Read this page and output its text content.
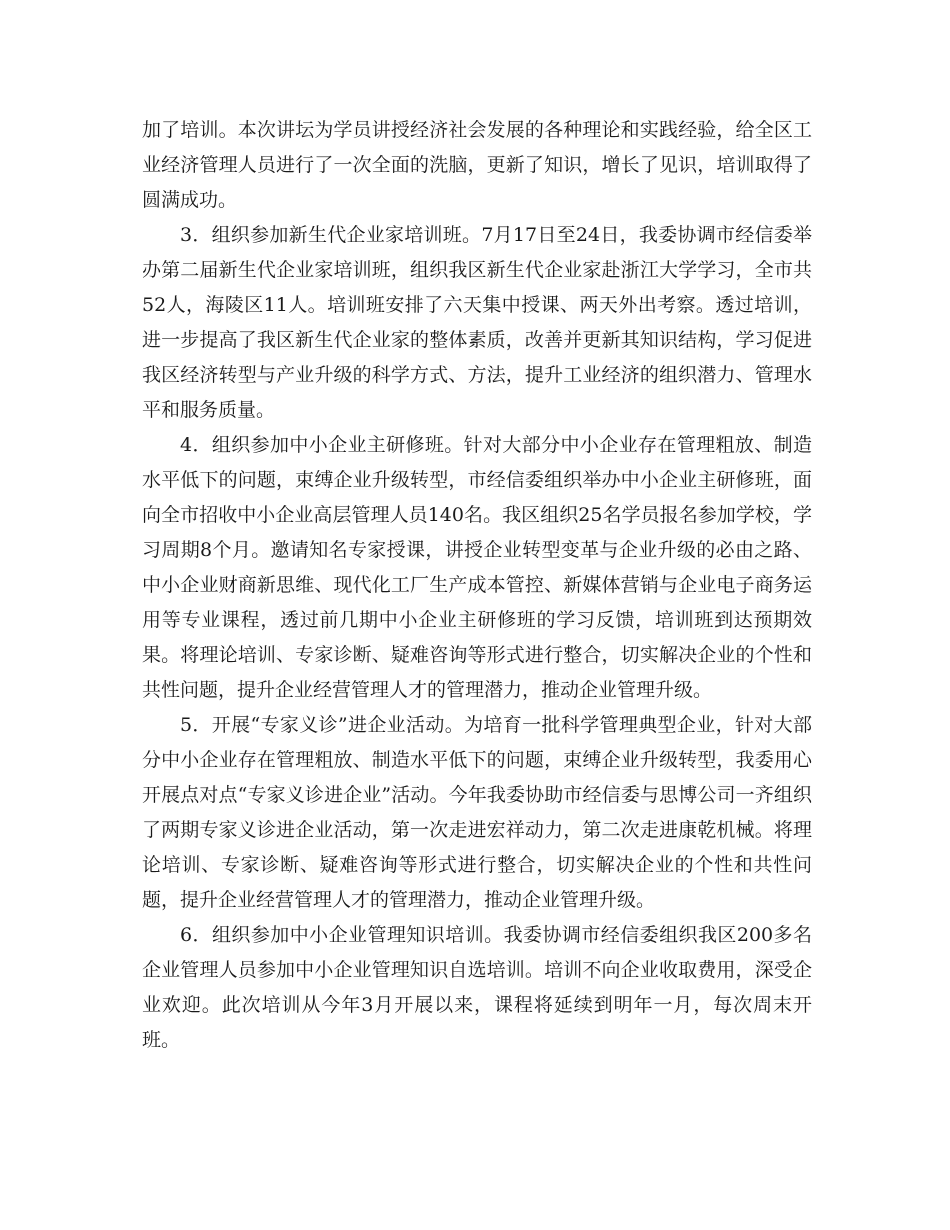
加了培训。本次讲坛为学员讲授经济社会发展的各种理论和实践经验，给全区工业经济管理人员进行了一次全面的洗脑，更新了知识，增长了见识，培训取得了圆满成功。

3．组织参加新生代企业家培训班。7月17日至24日，我委协调市经信委举办第二届新生代企业家培训班，组织我区新生代企业家赴浙江大学学习，全市共52人，海陵区11人。培训班安排了六天集中授课、两天外出考察。透过培训，进一步提高了我区新生代企业家的整体素质，改善并更新其知识结构，学习促进我区经济转型与产业升级的科学方式、方法，提升工业经济的组织潜力、管理水平和服务质量。

4．组织参加中小企业主研修班。针对大部分中小企业存在管理粗放、制造水平低下的问题，束缚企业升级转型，市经信委组织举办中小企业主研修班，面向全市招收中小企业高层管理人员140名。我区组织25名学员报名参加学校，学习周期8个月。邀请知名专家授课，讲授企业转型变革与企业升级的必由之路、中小企业财商新思维、现代化工厂生产成本管控、新媒体营销与企业电子商务运用等专业课程，透过前几期中小企业主研修班的学习反馈，培训班到达预期效果。将理论培训、专家诊断、疑难咨询等形式进行整合，切实解决企业的个性和共性问题，提升企业经营管理人才的管理潜力，推动企业管理升级。

5．开展“专家义诊”进企业活动。为培育一批科学管理典型企业，针对大部分中小企业存在管理粗放、制造水平低下的问题，束缚企业升级转型，我委用心开展点对点“专家义诊进企业”活动。今年我委协助市经信委与思博公司一齐组织了两期专家义诊进企业活动，第一次走进宏祥动力，第二次走进康乾机械。将理论培训、专家诊断、疑难咨询等形式进行整合，切实解决企业的个性和共性问题，提升企业经营管理人才的管理潜力，推动企业管理升级。

6．组织参加中小企业管理知识培训。我委协调市经信委组织我区200多名企业管理人员参加中小企业管理知识自选培训。培训不向企业收取费用，深受企业欢迎。此次培训从今年3月开展以来，课程将延续到明年一月，每次周末开班。
